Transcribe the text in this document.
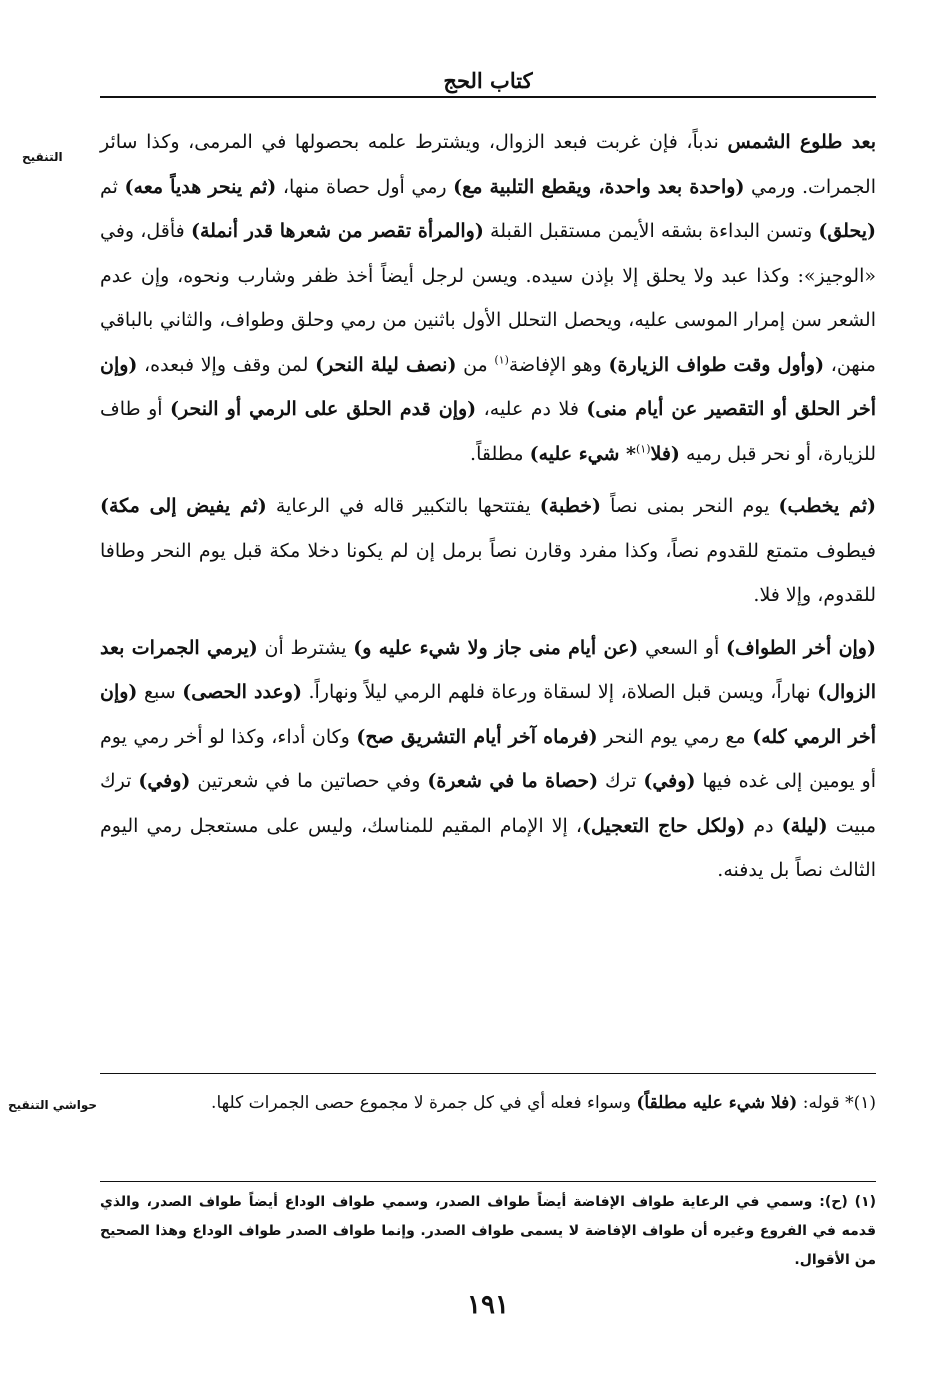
كتاب الحج
التنقيح

بعد طلوع الشمس ندباً، فإن غربت فبعد الزوال، ويشترط علمه بحصولها في المرمى، وكذا سائر الجمرات. ورمي (واحدة بعد واحدة، ويقطع التلبية مع) رمي أول حصاة منها، (ثم ينحر هدياً معه) ثم (يحلق) وتسن البداءة بشقه الأيمن مستقبل القبلة (والمرأة تقصر من شعرها قدر أنملة) فأقل، وفي «الوجيز»: وكذا عبد ولا يحلق إلا بإذن سيده. ويسن لرجل أيضاً أخذ ظفر وشارب ونحوه، وإن عدم الشعر سن إمرار الموسى عليه، ويحصل التحلل الأول باثنين من رمي وحلق وطواف، والثاني بالباقي منهن، (وأول وقت طواف الزيارة) وهو الإفاضة$^{(١)}$ من (نصف ليلة النحر) لمن وقف وإلا فبعده، (وإن أخر الحلق أو التقصير عن أيام منى) فلا دم عليه، (وإن قدم الحلق على الرمي أو النحر) أو طاف للزيارة، أو نحر قبل رميه (فلا$^{(١)}$* شيء عليه) مطلقاً.

(ثم يخطب) يوم النحر بمنى نصاً (خطبة) يفتتحها بالتكبير قاله في الرعاية (ثم يفيض إلى مكة) فيطوف متمتع للقدوم نصاً، وكذا مفرد وقارن نصاً برمل إن لم يكونا دخلا مكة قبل يوم النحر وطافا للقدوم، وإلا فلا.

(وإن أخر الطواف) أو السعي (عن أيام منى جاز ولا شيء عليه و) يشترط أن (يرمي الجمرات بعد الزوال) نهاراً، ويسن قبل الصلاة، إلا لسقاة ورعاة فلهم الرمي ليلاً ونهاراً. (وعدد الحصى) سبع (وإن أخر الرمي كله) مع رمي يوم النحر (فرماه آخر أيام التشريق صح) وكان أداء، وكذا لو أخر رمي يوم أو يومين إلى غده فيها (وفي) ترك (حصاة ما في شعرة) وفي حصاتين ما في شعرتين (وفي) ترك مبيت (ليلة) دم (ولكل حاج التعجيل)، إلا الإمام المقيم للمناسك، وليس على مستعجل رمي اليوم الثالث نصاً بل يدفنه.

حواشي التنقيح	(١)* قوله: (فلا شيء عليه مطلقاً) وسواء فعله أي في كل جمرة لا مجموع حصى الجمرات كلها.
(١) (ح): وسمي في الرعاية طواف الإفاضة أيضاً طواف الصدر، وسمي طواف الوداع أيضاً طواف الصدر، والذي قدمه في الفروع وغيره أن طواف الإفاضة لا يسمى طواف الصدر. وإنما طواف الصدر طواف الوداع وهذا الصحيح من الأقوال.
١٩١
